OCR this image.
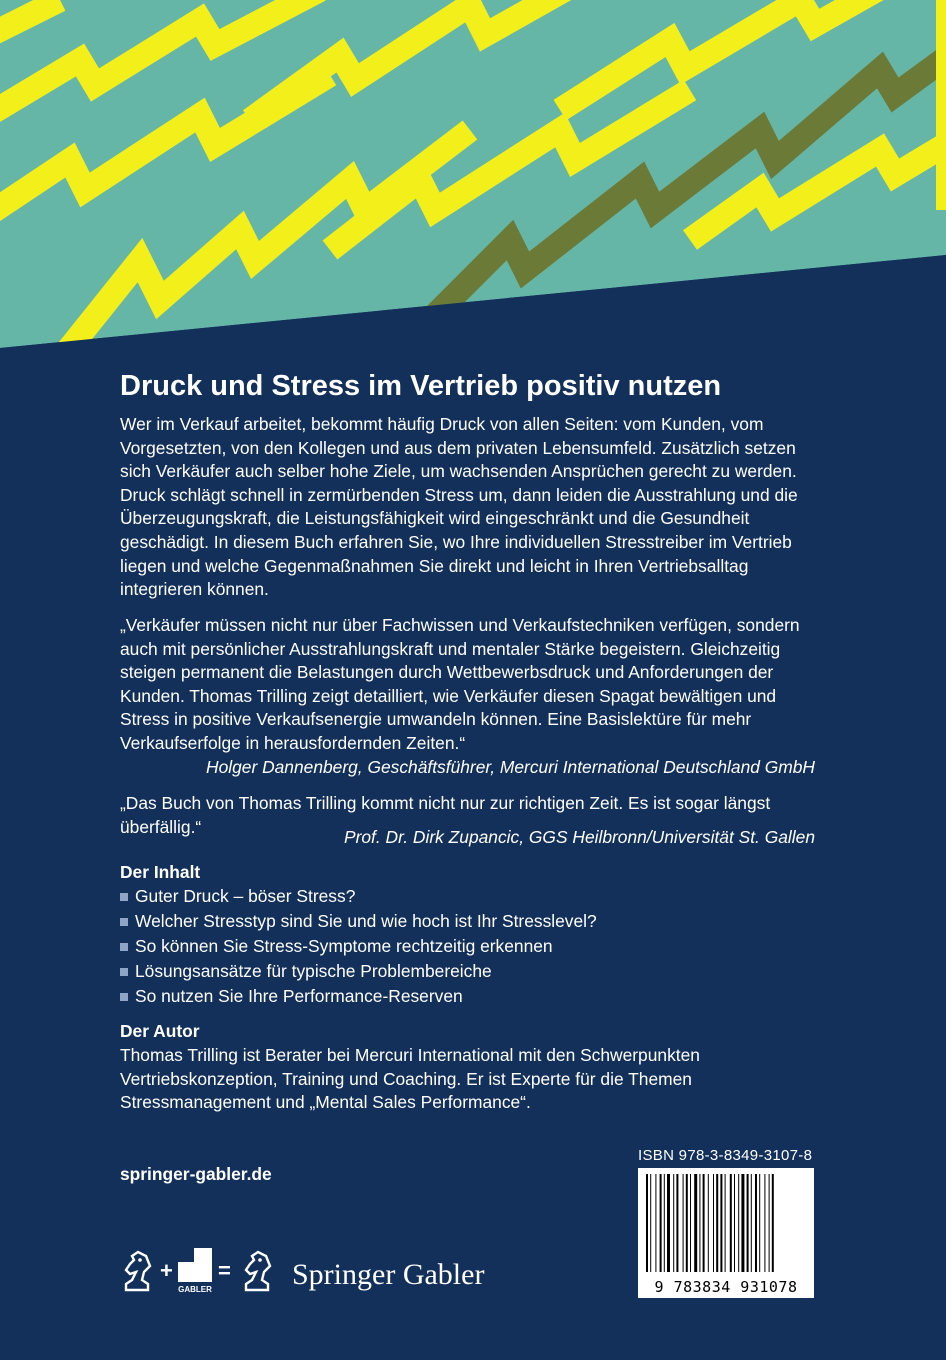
Druck und Stress im Vertrieb positiv nutzen

Wer im Verkauf arbeitet, bekommt häufig Druck von allen Seiten: vom Kunden, vom Vorgesetzten, von den Kollegen und aus dem privaten Lebensumfeld. Zusätzlich setzen sich Verkäufer auch selber hohe Ziele, um wachsenden Ansprüchen gerecht zu werden. Druck schlägt schnell in zermürbenden Stress um, dann leiden die Ausstrahlung und die Überzeugungskraft, die Leistungsfähigkeit wird eingeschränkt und die Gesundheit geschädigt. In diesem Buch erfahren Sie, wo Ihre individuellen Stresstreiber im Vertrieb liegen und welche Gegenmaßnahmen Sie direkt und leicht in Ihren Vertriebsalltag integrieren können.

„Verkäufer müssen nicht nur über Fachwissen und Verkaufstechniken verfügen, sondern auch mit persönlicher Ausstrahlungskraft und mentaler Stärke begeistern. Gleichzeitig steigen permanent die Belastungen durch Wettbewerbsdruck und Anforderungen der Kunden. Thomas Trilling zeigt detailliert, wie Verkäufer diesen Spagat bewältigen und Stress in positive Verkaufsenergie umwandeln können. Eine Basislektüre für mehr Verkaufserfolge in herausfordernden Zeiten.“

Holger Dannenberg, Geschäftsführer, Mercuri International Deutschland GmbH

„Das Buch von Thomas Trilling kommt nicht nur zur richtigen Zeit. Es ist sogar längst überfällig.“

Prof. Dr. Dirk Zupancic, GGS Heilbronn/Universität St. Gallen
Der Inhalt
Guter Druck – böser Stress?
Welcher Stresstyp sind Sie und wie hoch ist Ihr Stresslevel?
So können Sie Stress-Symptome rechtzeitig erkennen
Lösungsansätze für typische Problembereiche
So nutzen Sie Ihre Performance-Reserven
Der Autor

Thomas Trilling ist Berater bei Mercuri International mit den Schwerpunkten Vertriebskonzeption, Training und Coaching. Er ist Experte für die Themen Stressmanagement und „Mental Sales Performance“.

springer-gabler.de
ISBN 978-3-8349-3107-8
9 783834 931078
+
GABLER
= Springer Gabler
